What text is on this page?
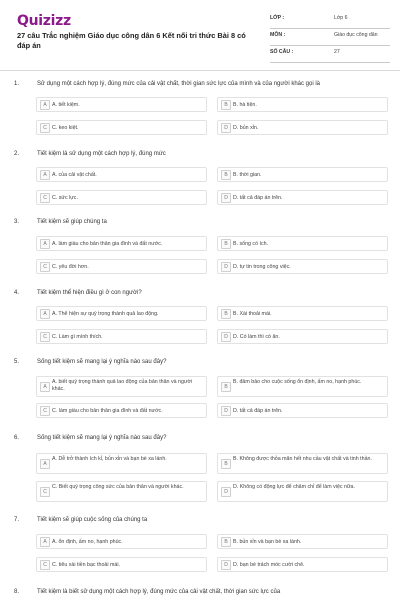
Quizizz
27 câu Trắc nghiệm Giáo dục công dân 6 Kết nối tri thức Bài 8 có đáp án
LỚP :	Lớp 6
MÔN :	Giáo dục công dân
SỐ CÂU :	27
1.	Sử dụng một cách hợp lý, đúng mức của cải vật chất, thời gian sức lực của mình và của người khác gọi là
A	A. tiết kiệm.	B	B. hà tiện.
C C. keo kiệt.	D D. bủn xỉn.
2.	Tiết kiệm là sử dụng một cách hợp lý, đúng mức
A	A. của cải vật chất.	B	B. thời gian.
C C. sức lực.	D D. tất cả đáp án trên.
3.	Tiết kiệm sẽ giúp chúng ta
A	A. làm giàu cho bản thân gia đình và đất nước.	B	B. sống có ích.
C C. yêu đời hơn.	D D. tự tin trong công việc.
4.	Tiết kiệm thể hiện điều gì ở con người?
A	A. Thể hiện sự quý trọng thành quả lao động.	B	B. Xài thoải mái.
C C. Làm gì mình thích.	D D. Có làm thì có ăn.
5.	Sống tiết kiệm sẽ mang lại ý nghĩa nào sau đây?
A
A. biết quý trọng thành quả lao động của bản thân và người khác.	B
B. đảm bảo cho cuộc sống ổn định, ấm no, hạnh phúc.
C C. làm giàu cho bản thân gia đình và đất nước.	D D. tất cả đáp án trên.
6.	Sống tiết kiệm sẽ mang lại ý nghĩa nào sau đây?
A
A. Dễ trở thành ích kỉ, bủn xỉn và bạn bè xa lánh.
B
B. Không được thỏa mãn hết nhu cầu vật chất và tinh thần.
C
C. Biết quý trọng công sức của bản thân và người khác.
D
D. Không có động lực để chăm chỉ để làm việc nữa.
7.	Tiết kiệm sẽ giúp cuộc sống của chúng ta
A	A. ổn định, ấm no, hạnh phúc.	B	B. bủn xỉn và bạn bè xa lánh.
C C. tiêu xài tiền bạc thoải mái.	D D. bạn bè trách móc cười chê.
8.	Tiết kiệm là biết sử dụng một cách hợp lý, đúng mức của cải vật chất, thời gian sức lực của
